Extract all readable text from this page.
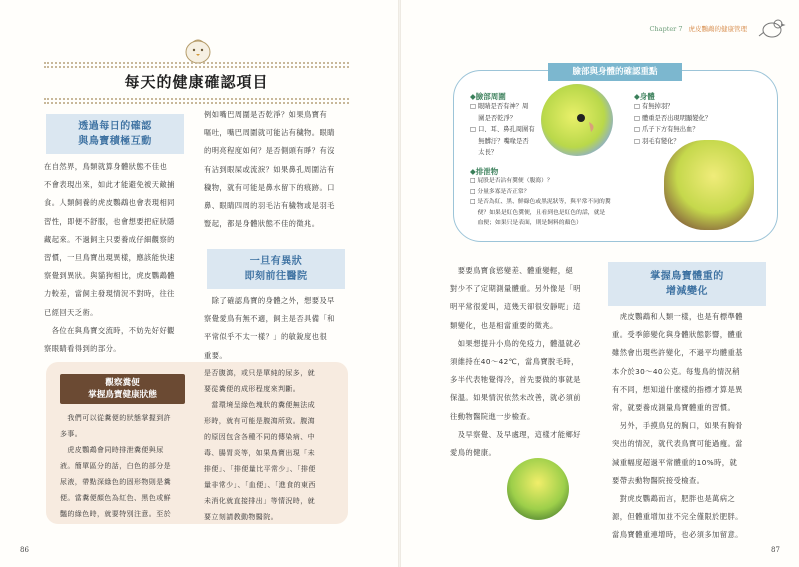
每天的健康確認項目
透過每日的確認
與鳥寶積極互動
在自然界，鳥類就算身體狀態不佳也
不會表現出來，如此才能避免被天敵捕
食。人類飼養的虎皮鸚鵡也會表現相同
習性，即便不舒服，也會想要把症狀隱
藏起來。不過飼主只要養成仔細觀察的
習慣，一旦鳥寶出現異樣，應該能快速
察覺到異狀。與貓狗相比，虎皮鸚鵡體
力較差，當飼主發現情況不對時，往往
已經回天乏術。
　各位在與鳥寶交流時，不妨先好好觀
察眼睛看得到的部分。
例如嘴巴周圍是否乾淨？如果鳥寶有
嘔吐，嘴巴周圍就可能沾有穢物。眼睛
的明亮程度如何？是否側頭有睜？有沒
有沾到眼屎或流淚？如果鼻孔周圍沾有
穢物，就有可能是鼻水留下的痕跡。口
鼻、眼睛四周的羽毛沾有穢物或是羽毛
豎起，都是身體狀態不佳的徵兆。
一旦有異狀
即刻前往醫院
　除了確認鳥寶的身體之外，想要及早
察覺愛鳥有無不適，飼主是否具備「和
平常似乎不太一樣？」的敏銳度也很
重要。
觀察糞便
掌握鳥寶健康狀態
　我們可以從糞便的狀態掌握到許
多事。
　虎皮鸚鵡會同時排泄糞便與尿
液。簡單區分的話，白色的部分是
尿液，帶點深綠色的固形物則是糞
便。當糞便顏色為紅色、黑色或鮮
豔的綠色時，就要特別注意。至於
是否腹瀉，或只是單純的尿多，就
要從糞便的成形程度來判斷。
　當環境呈綠色塊狀的糞便無法成
形時，就有可能是腹瀉所致。腹瀉
的原因包含各種不同的傳染病、中
毒、腸胃炎等，如果鳥寶出現「未
排便」、「排便量比平常少」、「排便
量非常少」、「血便」、「進食的東西
未消化就直接排出」等情況時，就
要立刻請教動物醫院。
86
Chapter 7 虎皮鸚鵡的健康管理
臉部與身體的確認重點
◆臉部周圍
□ 眼睛是否有神？周
　 圍是否乾淨？
□ 口、耳、鼻孔周圍有
　 無髒汙？嘴喙是否
　 太長？
◆身體
□ 有無掉羽？
□ 體重是否出現明顯變化？
□ 爪子下方有無出血？
□ 羽毛有變化？
◆排泄物
□ 屁股是否沾有糞便（腹瀉）？
□ 分量多寡是否正常？
□ 是否為紅、黑、鮮綠色或黑泥狀等，與平常不同的糞
　 便？如果是紅色糞便，且看到也是紅色的話，就是
　 血便；如果只是表面，則是飼料的顏色）
　要要鳥寶食慾變差、體重變輕，絕
對少不了定期測量體重。另外像是「明
明平常很愛叫，這幾天卻很安靜呢」這
類變化，也是相當重要的徵兆。
　如果想提升小鳥的免疫力，體溫就必
須維持在40～42℃，當鳥寶脫毛時，
多半代表牠覺得冷，首先要做的事就是
保溫。如果情況依然未改善，就必須前
往動物醫院進一步檢查。
　及早察覺、及早處理，這樣才能鄉好
愛鳥的健康。
掌握鳥寶體重的
增減變化
　虎皮鸚鵡和人類一樣，也是有標準體
重。受季節變化與身體狀態影響，體重
雖然會出現些許變化，不過平均體重基
本介於30～40公克。每隻鳥的情況稍
有不同，想知道什麼樣的指標才算是異
常，就要養成測量鳥寶體重的習慣。
　另外，手摸鳥兒的胸口，如果有胸骨
突出的情況，就代表鳥寶可能過瘦。當
減重幅度超過平常體重的10%時，就
要帶去動物醫院接受檢查。
　對虎皮鸚鵡而言，肥胖也是萬病之
源，但體重增加並不完全僅限於肥胖。
當鳥寶體重連增時，也必須多加留意。
87
